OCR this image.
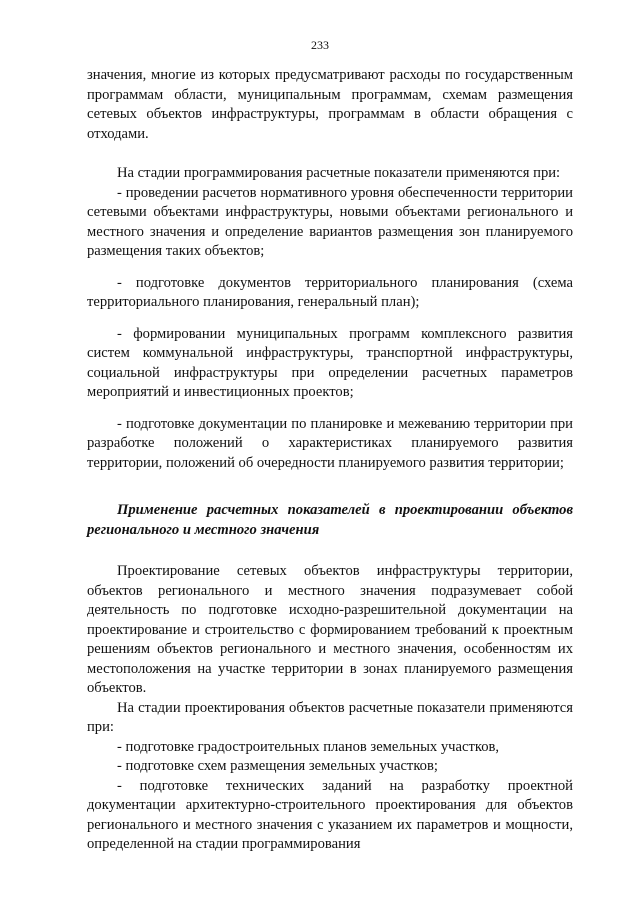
233

значения, многие из которых предусматривают расходы по государственным программам области, муниципальным программам, схемам размещения сетевых объектов инфраструктуры, программам в области обращения с отходами.

На стадии программирования расчетные показатели применяются при:

- проведении расчетов нормативного уровня обеспеченности территории сетевыми объектами инфраструктуры, новыми объектами регионального и местного значения и определение вариантов размещения зон планируемого размещения таких объектов;

- подготовке документов территориального планирования (схема территориального планирования, генеральный план);

- формировании муниципальных программ комплексного развития систем коммунальной инфраструктуры, транспортной инфраструктуры, социальной инфраструктуры при определении расчетных параметров мероприятий и инвестиционных проектов;

- подготовке документации по планировке и межеванию территории при разработке положений о характеристиках планируемого развития территории, положений об очередности планируемого развития территории;

Применение расчетных показателей в проектировании объектов регионального и местного значения

Проектирование сетевых объектов инфраструктуры территории, объектов регионального и местного значения подразумевает собой деятельность по подготовке исходно-разрешительной документации на проектирование и строительство с формированием требований к проектным решениям объектов регионального и местного значения, особенностям их местоположения на участке территории в зонах планируемого размещения объектов.

На стадии проектирования объектов расчетные показатели применяются при:

- подготовке градостроительных планов земельных участков,

- подготовке схем размещения земельных участков;

- подготовке технических заданий на разработку проектной документации архитектурно-строительного проектирования для объектов регионального и местного значения с указанием их параметров и мощности, определенной на стадии программирования
